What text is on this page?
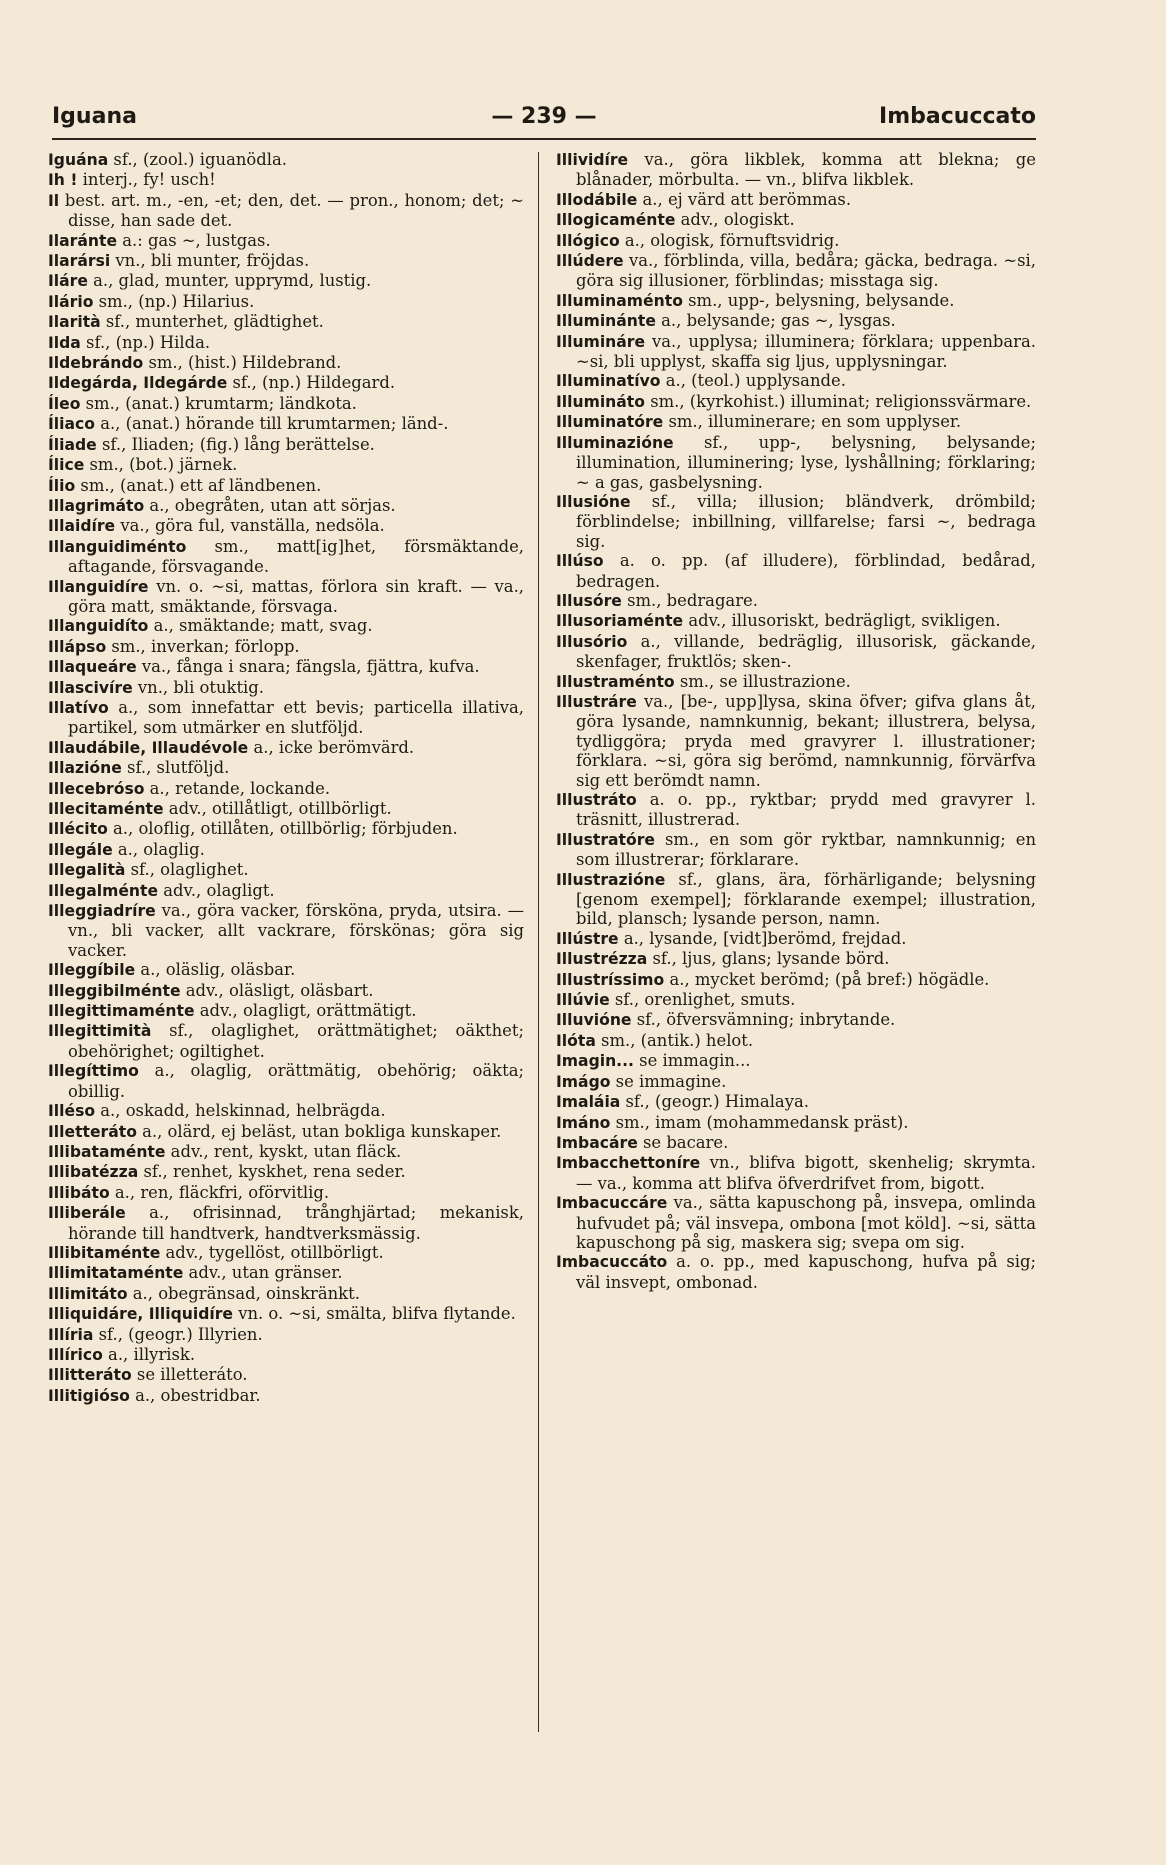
Iguana	— 239 —	Imbacuccato
Iguána sf., (zool.) iguanödla.
Ih ! interj., fy! usch!
Il best. art. m., -en, -et; den, det. — pron., honom; det; ~ disse, han sade det.
Ilaránte a.: gas ~, lustgas.
Ilarársi vn., bli munter, fröjdas.
Iláre a., glad, munter, upprymd, lustig.
Ilário sm., (np.) Hilarius.
Ilarità sf., munterhet, glädtighet.
Ilda sf., (np.) Hilda.
Ildebrándo sm., (hist.) Hildebrand.
Ildegárda, Ildegárde sf., (np.) Hildegard.
Íleo sm., (anat.) krumtarm; ländkota.
Íliaco a., (anat.) hörande till krumtarmen; länd-.
Íliade sf., Iliaden; (fig.) lång berättelse.
Ílice sm., (bot.) järnek.
Ílio sm., (anat.) ett af ländbenen.
Illagrimáto a., obegråten, utan att sörjas.
Illaidíre va., göra ful, vanställa, nedsöla.
Illanguidiménto sm., matt[ig]het, försmäktande, aftagande, försvagande.
Illanguidíre vn. o. ~si, mattas, förlora sin kraft. — va., göra matt, smäktande, försvaga.
Illanguidíto a., smäktande; matt, svag.
Illápso sm., inverkan; förlopp.
Illaqueáre va., fånga i snara; fängsla, fjättra, kufva.
Illascivíre vn., bli otuktig.
Illatívo a., som innefattar ett bevis; particella illativa, partikel, som utmärker en slutföljd.
Illaudábile, Illaudévole a., icke berömvärd.
Illazióne sf., slutföljd.
Illecebróso a., retande, lockande.
Illecitaménte adv., otillåtligt, otillbörligt.
Illécito a., oloflig, otillåten, otillbörlig; förbjuden.
Illegále a., olaglig.
Illegalità sf., olaglighet.
Illegalménte adv., olagligt.
Illeggiadríre va., göra vacker, försköna, pryda, utsira. — vn., bli vacker, allt vackrare, förskönas; göra sig vacker.
Illeggíbile a., oläslig, oläsbar.
Illeggibilménte adv., oläsligt, oläsbart.
Illegittimaménte adv., olagligt, orättmätigt.
Illegittimità sf., olaglighet, orättmätighet; oäkthet; obehörighet; ogiltighet.
Illegíttimo a., olaglig, orättmätig, obehörig; oäkta; obillig.
Illéso a., oskadd, helskinnad, helbrägda.
Illetteráto a., olärd, ej beläst, utan bokliga kunskaper.
Illibataménte adv., rent, kyskt, utan fläck.
Illibatézza sf., renhet, kyskhet, rena seder.
Illibáto a., ren, fläckfri, oförvitlig.
Illiberále a., ofrisinnad, trånghjärtad; mekanisk, hörande till handtverk, handtverksmässig.
Illibitaménte adv., tygellöst, otillbörligt.
Illimitataménte adv., utan gränser.
Illimitáto a., obegränsad, oinskränkt.
Illiquidáre, Illiquidíre vn. o. ~si, smälta, blifva flytande.
Illíria sf., (geogr.) Illyrien.
Illírico a., illyrisk.
Illitteráto se illetteráto.
Illitigióso a., obestridbar.
Illividíre va., göra likblek, komma att blekna; ge blånader, mörbulta. — vn., blifva likblek.
Illodábile a., ej värd att berömmas.
Illogicaménte adv., ologiskt.
Illógico a., ologisk, förnuftsvidrig.
Illúdere va., förblinda, villa, bedåra; gäcka, bedraga. ~si, göra sig illusioner, förblindas; misstaga sig.
Illuminaménto sm., upp-, belysning, belysande.
Illuminánte a., belysande; gas ~, lysgas.
Illumináre va., upplysa; illuminera; förklara; uppenbara. ~si, bli upplyst, skaffa sig ljus, upplysningar.
Illuminatívo a., (teol.) upplysande.
Illumináto sm., (kyrkohist.) illuminat; religionssvärmare.
Illuminatóre sm., illuminerare; en som upplyser.
Illuminazióne sf., upp-, belysning, belysande; illumination, illuminering; lyse, lyshållning; förklaring; ~ a gas, gasbelysning.
Illusióne sf., villa; illusion; bländverk, drömbild; förblindelse; inbillning, villfarelse; farsi ~, bedraga sig.
Illúso a. o. pp. (af illudere), förblindad, bedårad, bedragen.
Illusóre sm., bedragare.
Illusoriaménte adv., illusoriskt, bedrägligt, svikligen.
Illusório a., villande, bedräglig, illusorisk, gäckande, skenfager, fruktlös; sken-.
Illustraménto sm., se illustrazione.
Illustráre va., [be-, upp]lysa, skina öfver; gifva glans åt, göra lysande, namnkunnig, bekant; illustrera, belysa, tydliggöra; pryda med gravyrer l. illustrationer; förklara. ~si, göra sig berömd, namnkunnig, förvärfva sig ett berömdt namn.
Illustráto a. o. pp., ryktbar; prydd med gravyrer l. träsnitt, illustrerad.
Illustratóre sm., en som gör ryktbar, namnkunnig; en som illustrerar; förklarare.
Illustrazióne sf., glans, ära, förhärligande; belysning [genom exempel]; förklarande exempel; illustration, bild, plansch; lysande person, namn.
Illústre a., lysande, [vidt]berömd, frejdad.
Illustrézza sf., ljus, glans; lysande börd.
Illustríssimo a., mycket berömd; (på bref:) högädle.
Illúvie sf., orenlighet, smuts.
Illuvióne sf., öfversvämning; inbrytande.
Ilóta sm., (antik.) helot.
Imagin... se immagin...
Imágo se immagine.
Imaláia sf., (geogr.) Himalaya.
Imáno sm., imam (mohammedansk präst).
Imbacáre se bacare.
Imbacchettoníre vn., blifva bigott, skenhelig; skrymta. — va., komma att blifva öfverdrifvet from, bigott.
Imbacuccáre va., sätta kapuschong på, insvepa, omlinda hufvudet på; väl insvepa, ombona [mot köld]. ~si, sätta kapuschong på sig, maskera sig; svepa om sig.
Imbacuccáto a. o. pp., med kapuschong, hufva på sig; väl insvept, ombonad.
